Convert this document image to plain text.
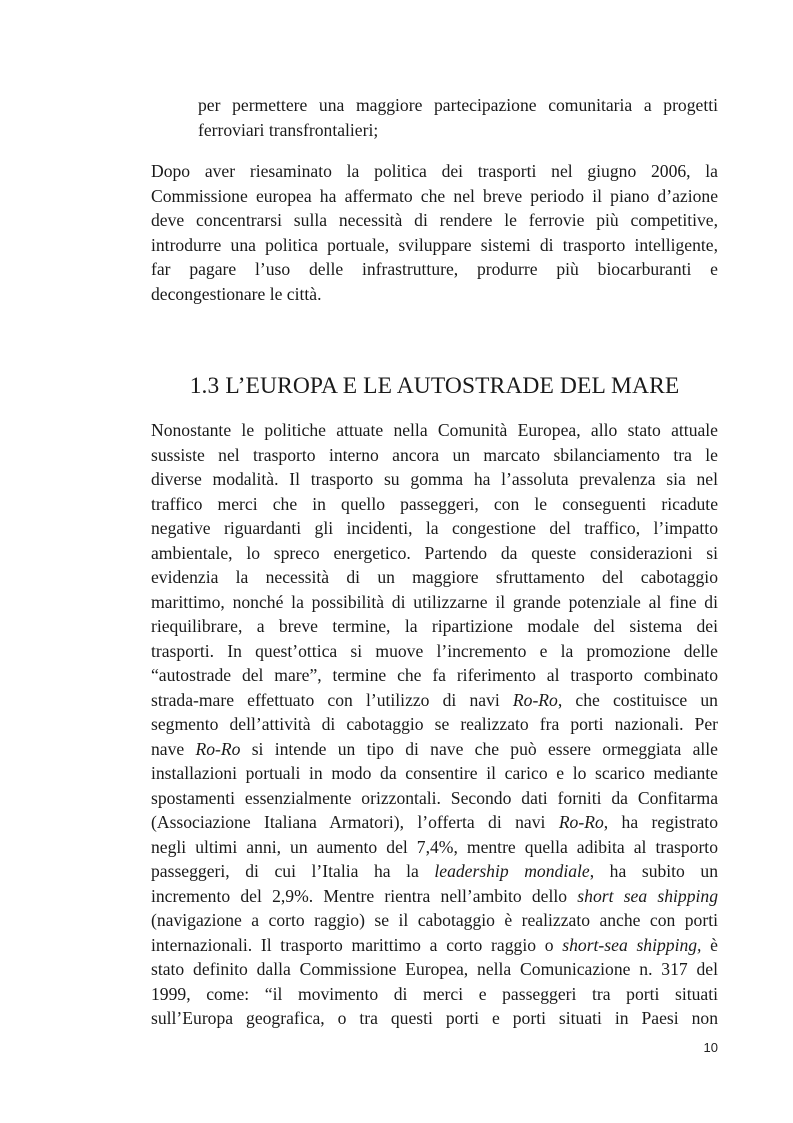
per permettere una maggiore partecipazione comunitaria a progetti
ferroviari transfrontalieri;
Dopo aver riesaminato la politica dei trasporti nel giugno 2006, la
Commissione europea ha affermato che nel breve periodo il piano d’azione
deve concentrarsi sulla necessità di rendere le ferrovie più competitive,
introdurre una politica portuale, sviluppare sistemi di trasporto intelligente,
far pagare l’uso delle infrastrutture, produrre più biocarburanti e
decongestionare le città.
1.3 L’EUROPA E LE AUTOSTRADE DEL MARE
Nonostante le politiche attuate nella Comunità Europea, allo stato attuale
sussiste nel trasporto interno ancora un marcato sbilanciamento tra le
diverse modalità. Il trasporto su gomma ha l’assoluta prevalenza sia nel
traffico merci che in quello passeggeri, con le conseguenti ricadute
negative riguardanti gli incidenti, la congestione del traffico, l’impatto
ambientale, lo spreco energetico. Partendo da queste considerazioni si
evidenzia la necessità di un maggiore sfruttamento del cabotaggio
marittimo, nonché la possibilità di utilizzarne il grande potenziale al fine di
riequilibrare, a breve termine, la ripartizione modale del sistema dei
trasporti. In quest’ottica si muove l’incremento e la promozione delle
“autostrade del mare”, termine che fa riferimento al trasporto combinato
strada-mare effettuato con l’utilizzo di navi Ro-Ro, che costituisce un
segmento dell’attività di cabotaggio se realizzato fra porti nazionali. Per
nave Ro-Ro si intende un tipo di nave che può essere ormeggiata alle
installazioni portuali in modo da consentire il carico e lo scarico mediante
spostamenti essenzialmente orizzontali. Secondo dati forniti da Confitarma
(Associazione Italiana Armatori), l’offerta di navi Ro-Ro, ha registrato
negli ultimi anni, un aumento del 7,4%, mentre quella adibita al trasporto
passeggeri, di cui l’Italia ha la leadership mondiale, ha subito un
incremento del 2,9%. Mentre rientra nell’ambito dello short sea shipping
(navigazione a corto raggio) se il cabotaggio è realizzato anche con porti
internazionali. Il trasporto marittimo a corto raggio o short-sea shipping, è
stato definito dalla Commissione Europea, nella Comunicazione n. 317 del
1999, come: “il movimento di merci e passeggeri tra porti situati
sull’Europa geografica, o tra questi porti e porti situati in Paesi non
10
